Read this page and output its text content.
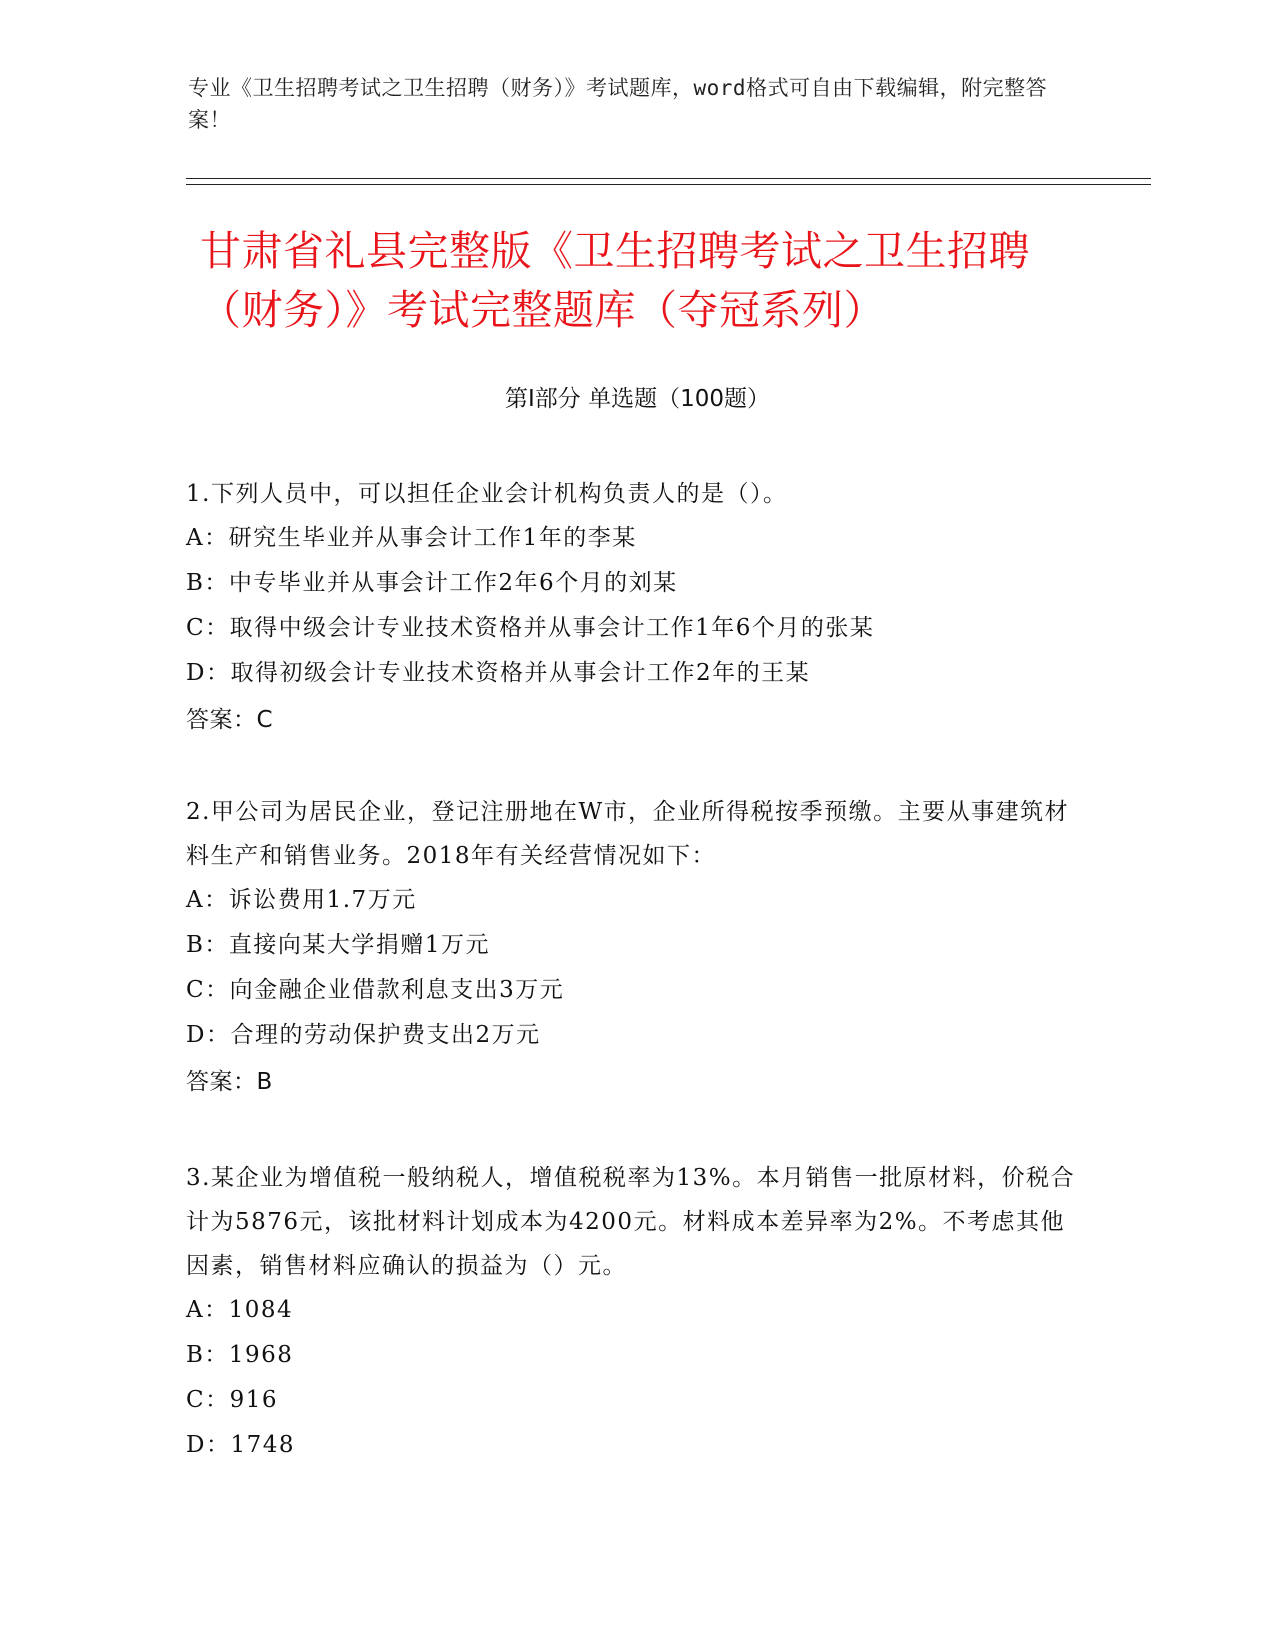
专业《卫生招聘考试之卫生招聘（财务）》考试题库，word格式可自由下载编辑，附完整答案！
甘肃省礼县完整版《卫生招聘考试之卫生招聘（财务）》考试完整题库（夺冠系列）
第Ⅰ部分 单选题（100题）

1.下列人员中，可以担任企业会计机构负责人的是（）。

A：研究生毕业并从事会计工作1年的李某

B：中专毕业并从事会计工作2年6个月的刘某

C：取得中级会计专业技术资格并从事会计工作1年6个月的张某

D：取得初级会计专业技术资格并从事会计工作2年的王某

答案：C

2.甲公司为居民企业，登记注册地在W市，企业所得税按季预缴。主要从事建筑材料生产和销售业务。2018年有关经营情况如下：

A：诉讼费用1.7万元

B：直接向某大学捐赠1万元

C：向金融企业借款利息支出3万元

D：合理的劳动保护费支出2万元

答案：B

3.某企业为增值税一般纳税人，增值税税率为13%。本月销售一批原材料，价税合计为5876元，该批材料计划成本为4200元。材料成本差异率为2%。不考虑其他因素，销售材料应确认的损益为（）元。

A：1084

B：1968

C：916

D：1748
